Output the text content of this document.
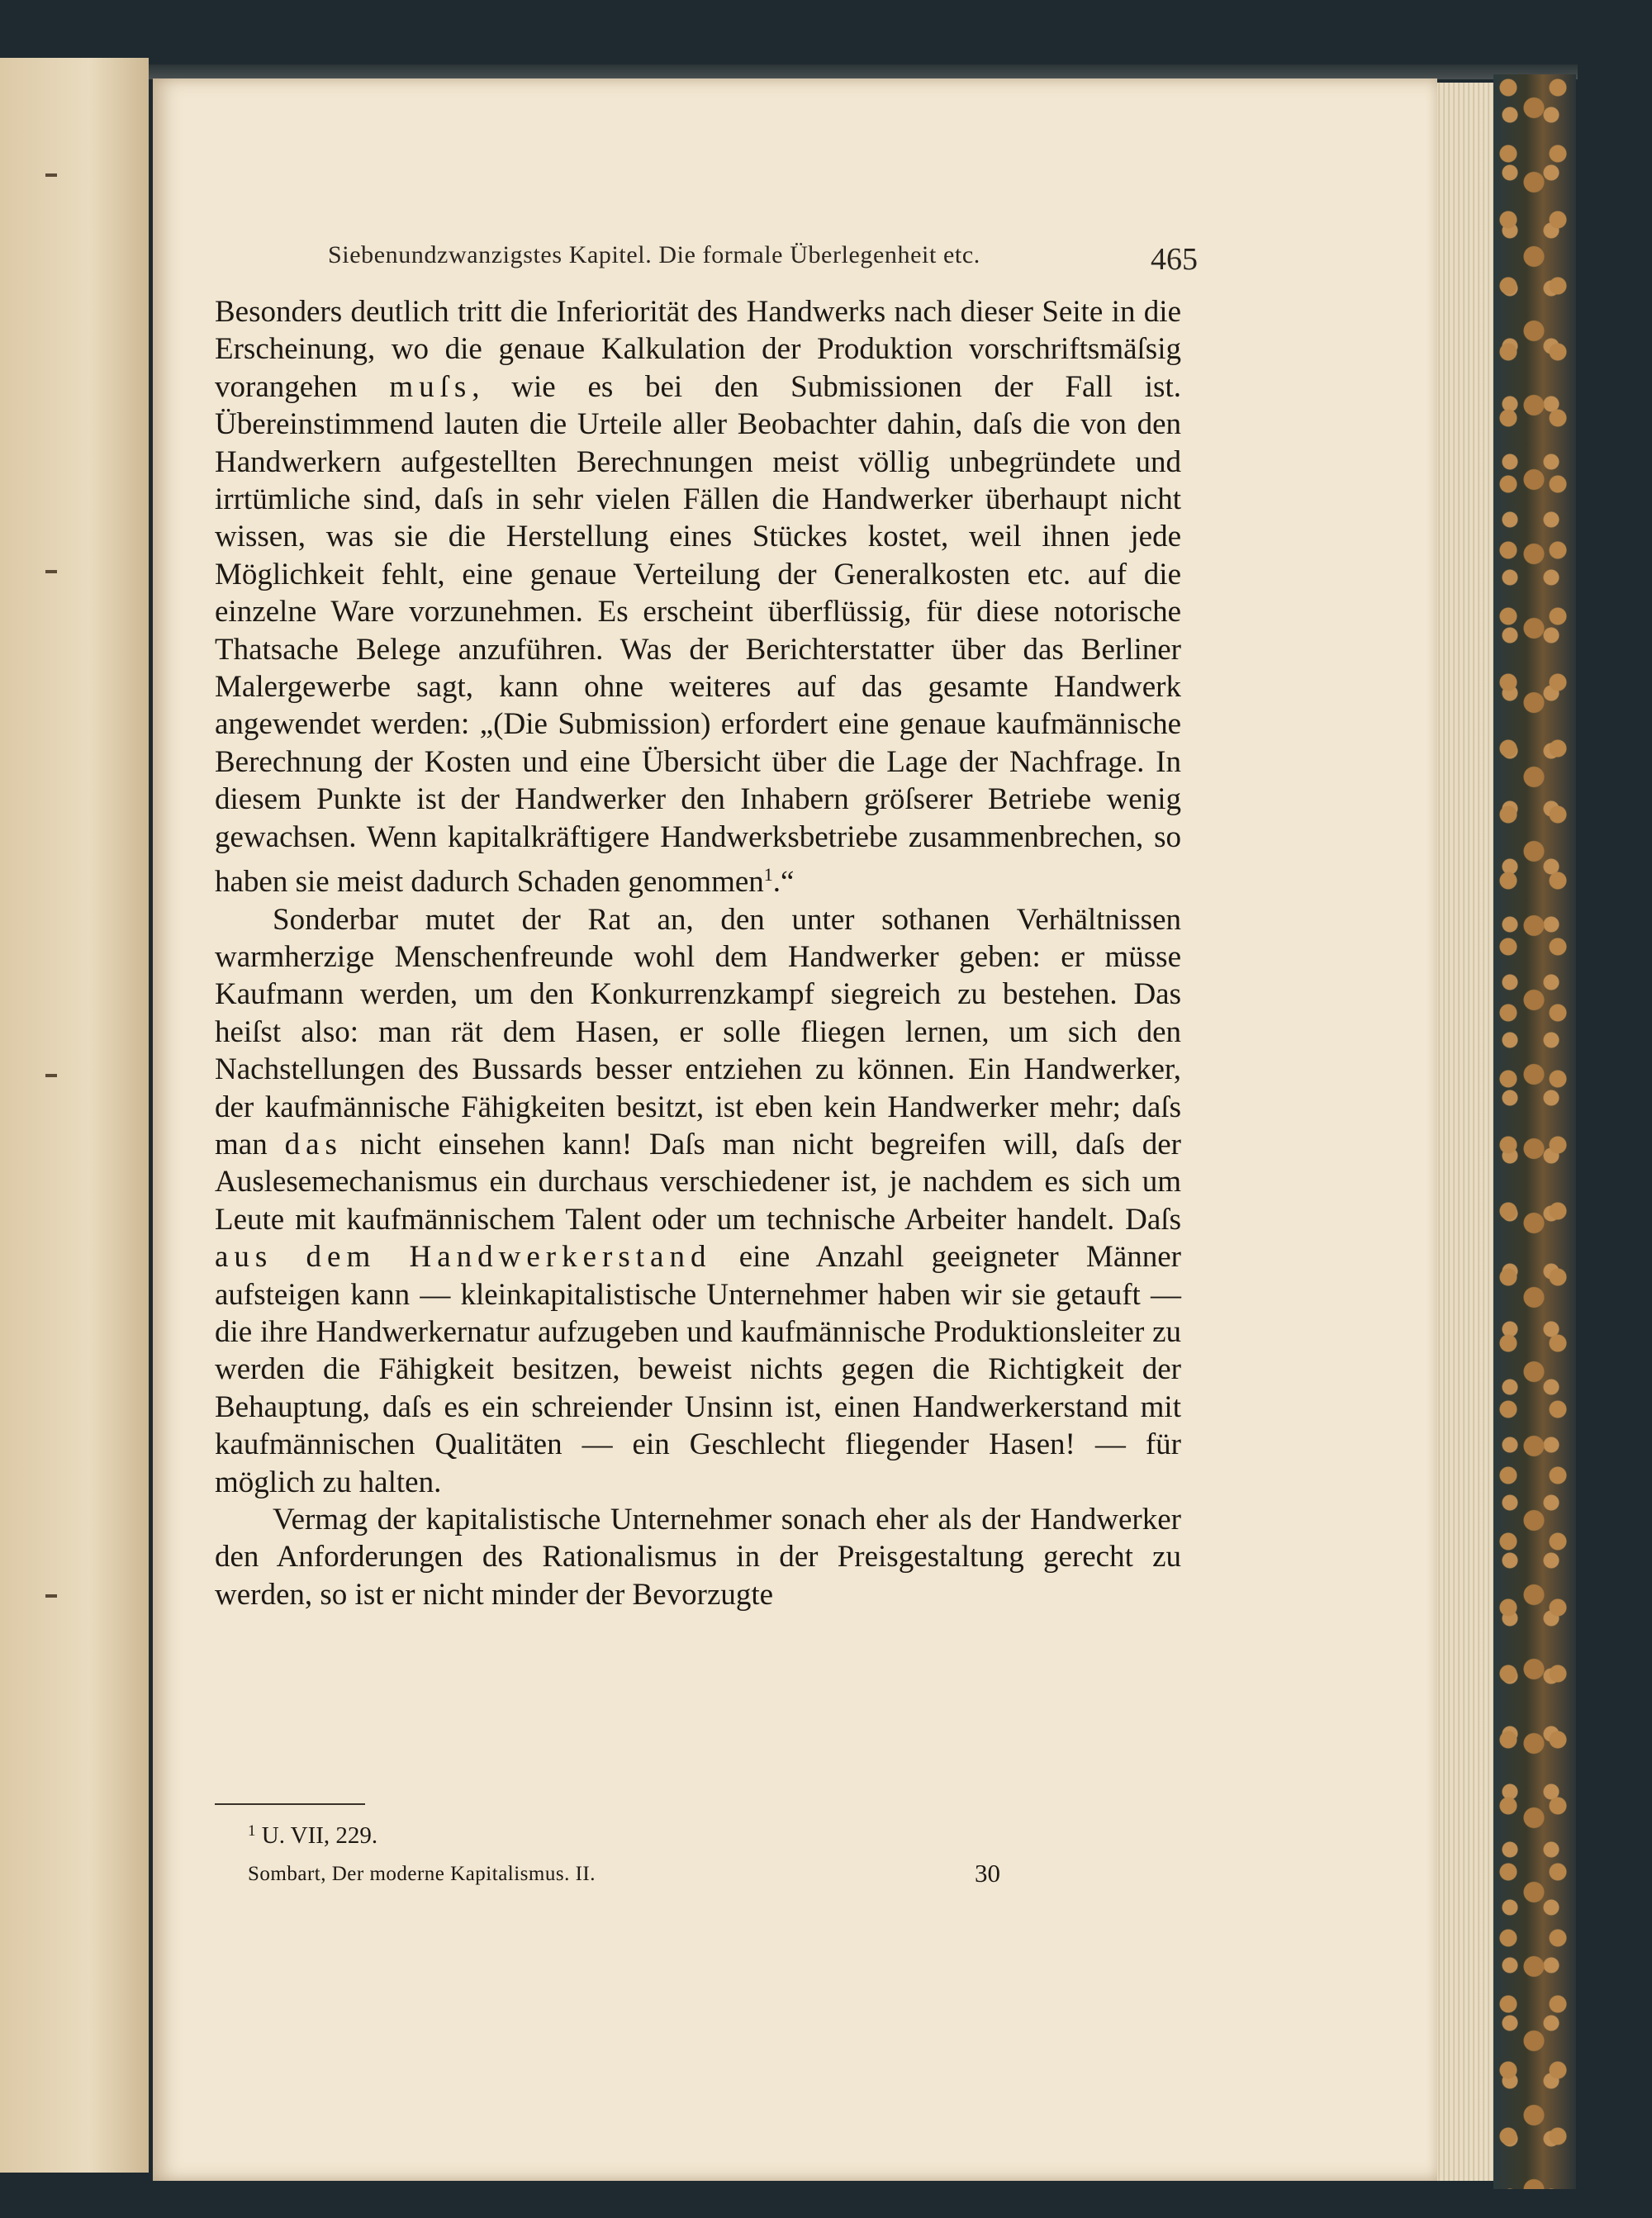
Siebenundzwanzigstes Kapitel. Die formale Überlegenheit etc.	465

Besonders deutlich tritt die Inferiorität des Handwerks nach dieser Seite in die Erscheinung, wo die genaue Kalkulation der Produktion vorschriftsmäſsig vorangehen muſs, wie es bei den Submissionen der Fall ist. Übereinstimmend lauten die Urteile aller Beobachter dahin, daſs die von den Handwerkern aufgestellten Berechnungen meist völlig unbegründete und irrtümliche sind, daſs in sehr vielen Fällen die Handwerker überhaupt nicht wissen, was sie die Herstellung eines Stückes kostet, weil ihnen jede Möglichkeit fehlt, eine genaue Verteilung der Generalkosten etc. auf die einzelne Ware vorzunehmen. Es erscheint überflüssig, für diese notorische Thatsache Belege anzuführen. Was der Berichterstatter über das Berliner Malergewerbe sagt, kann ohne weiteres auf das gesamte Handwerk angewendet werden: „(Die Submission) erfordert eine genaue kaufmännische Berechnung der Kosten und eine Übersicht über die Lage der Nachfrage. In diesem Punkte ist der Handwerker den Inhabern gröſserer Betriebe wenig gewachsen. Wenn kapitalkräftigere Handwerksbetriebe zusammenbrechen, so haben sie meist dadurch Schaden genommen$^1$.“

Sonderbar mutet der Rat an, den unter sothanen Verhältnissen warmherzige Menschenfreunde wohl dem Handwerker geben: er müsse Kaufmann werden, um den Konkurrenzkampf siegreich zu bestehen. Das heiſst also: man rät dem Hasen, er solle fliegen lernen, um sich den Nachstellungen des Bussards besser entziehen zu können. Ein Handwerker, der kaufmännische Fähigkeiten besitzt, ist eben kein Handwerker mehr; daſs man das nicht einsehen kann! Daſs man nicht begreifen will, daſs der Auslesemechanismus ein durchaus verschiedener ist, je nachdem es sich um Leute mit kaufmännischem Talent oder um technische Arbeiter handelt. Daſs aus dem Handwerkerstand eine Anzahl geeigneter Männer aufsteigen kann — kleinkapitalistische Unternehmer haben wir sie getauft — die ihre Handwerkernatur aufzugeben und kaufmännische Produktionsleiter zu werden die Fähigkeit besitzen, beweist nichts gegen die Richtigkeit der Behauptung, daſs es ein schreiender Unsinn ist, einen Handwerkerstand mit kaufmännischen Qualitäten — ein Geschlecht fliegender Hasen! — für möglich zu halten.

Vermag der kapitalistische Unternehmer sonach eher als der Handwerker den Anforderungen des Rationalismus in der Preisgestaltung gerecht zu werden, so ist er nicht minder der Bevorzugte

$^1$ U. VII, 229.
Sombart, Der moderne Kapitalismus. II.	30
